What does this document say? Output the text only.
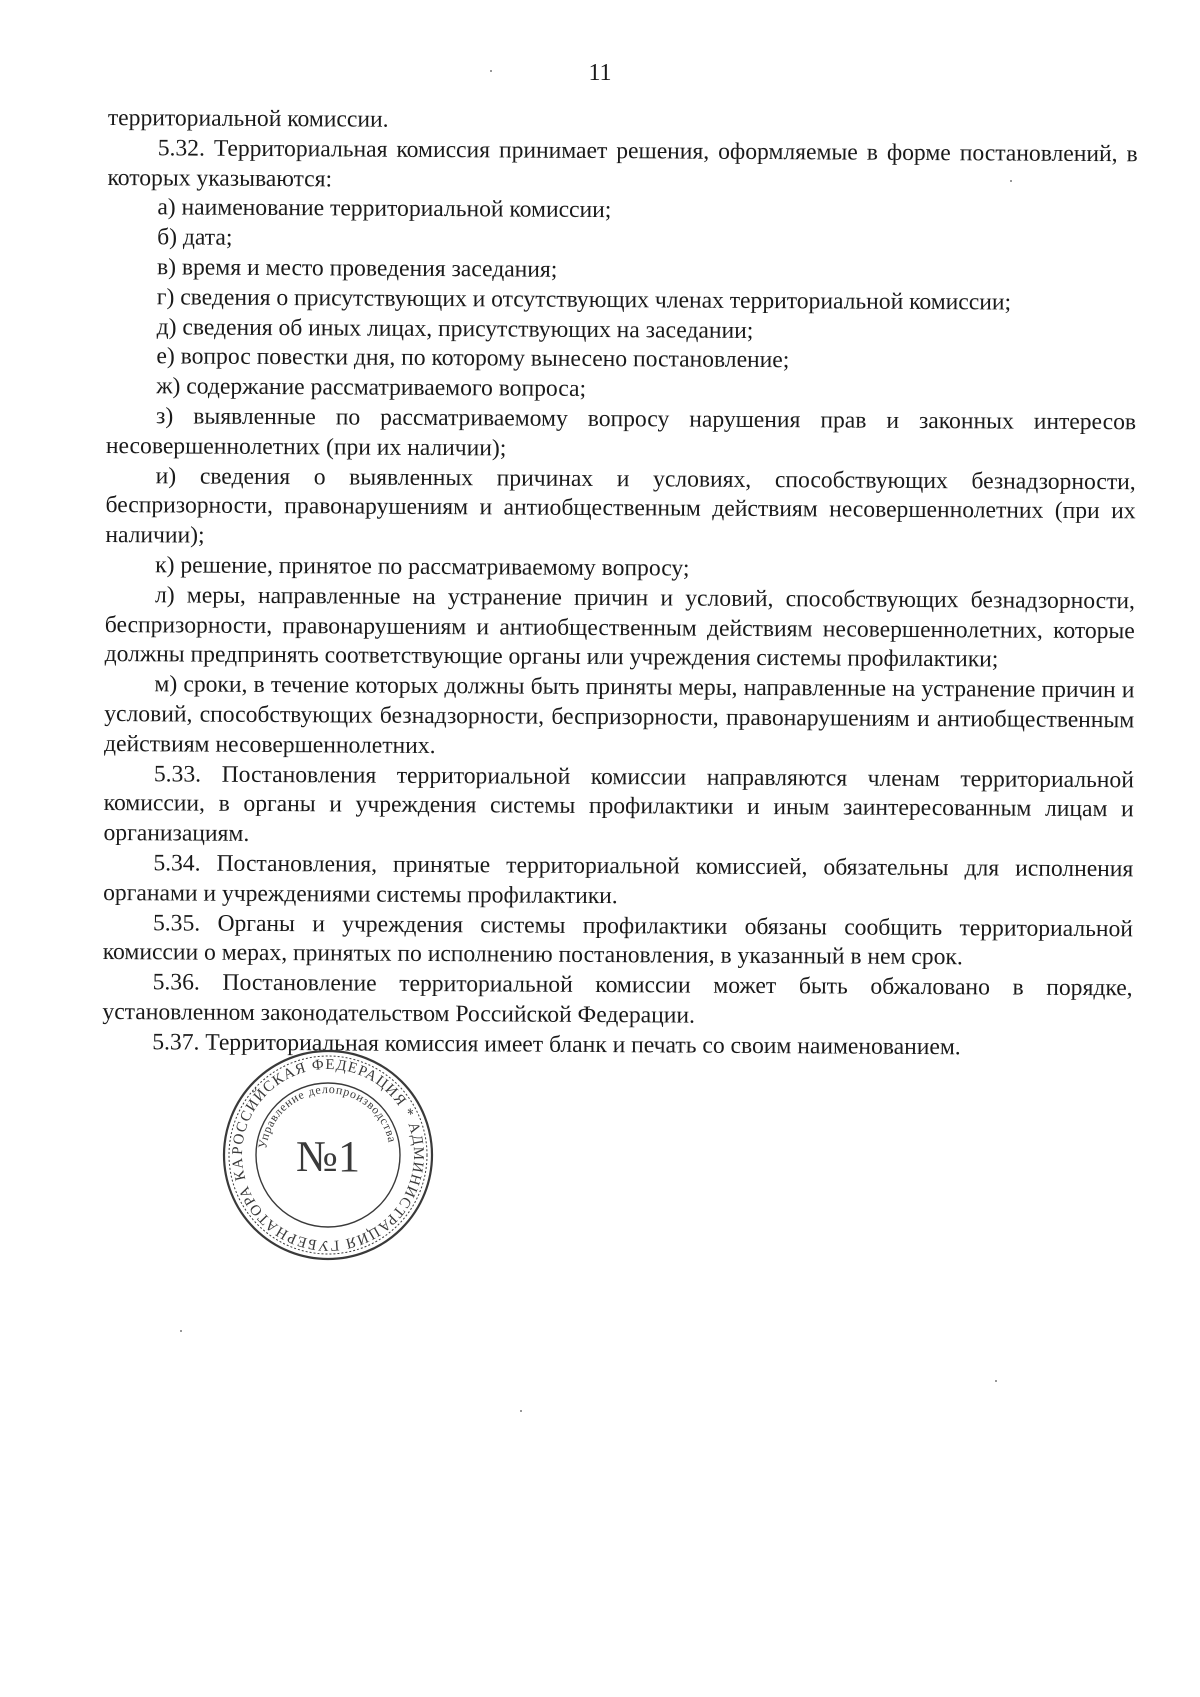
11

территориальной комиссии.

5.32. Территориальная комиссия принимает решения, оформляемые в форме постановлений, в которых указываются:

а) наименование территориальной комиссии;

б) дата;

в) время и место проведения заседания;

г) сведения о присутствующих и отсутствующих членах территориальной комиссии;

д) сведения об иных лицах, присутствующих на заседании;

е) вопрос повестки дня, по которому вынесено постановление;

ж) содержание рассматриваемого вопроса;

з) выявленные по рассматриваемому вопросу нарушения прав и законных интересов несовершеннолетних (при их наличии);

и) сведения о выявленных причинах и условиях, способствующих безнадзорности, беспризорности, правонарушениям и антиобщественным действиям несовершеннолетних (при их наличии);

к) решение, принятое по рассматриваемому вопросу;

л) меры, направленные на устранение причин и условий, способствующих безнадзорности, беспризорности, правонарушениям и антиобщественным действиям несовершеннолетних, которые должны предпринять соответствующие органы или учреждения системы профилактики;

м) сроки, в течение которых должны быть приняты меры, направленные на устранение причин и условий, способствующих безнадзорности, беспризорности, правонарушениям и антиобщественным действиям несовершеннолетних.

5.33. Постановления территориальной комиссии направляются членам территориальной комиссии, в органы и учреждения системы профилактики и иным заинтересованным лицам и организациям.

5.34. Постановления, принятые территориальной комиссией, обязательны для исполнения органами и учреждениями системы профилактики.

5.35. Органы и учреждения системы профилактики обязаны сообщить территориальной комиссии о мерах, принятых по исполнению постановления, в указанный в нем срок.

5.36. Постановление территориальной комиссии может быть обжаловано в порядке, установленном законодательством Российской Федерации.

5.37. Территориальная комиссия имеет бланк и печать со своим наименованием.

РОССИЙСКАЯ ФЕДЕРАЦИЯ * АДМИНИСТРАЦИЯ ГУБЕРНАТОРА КА
Управление делопроизводства
№1
